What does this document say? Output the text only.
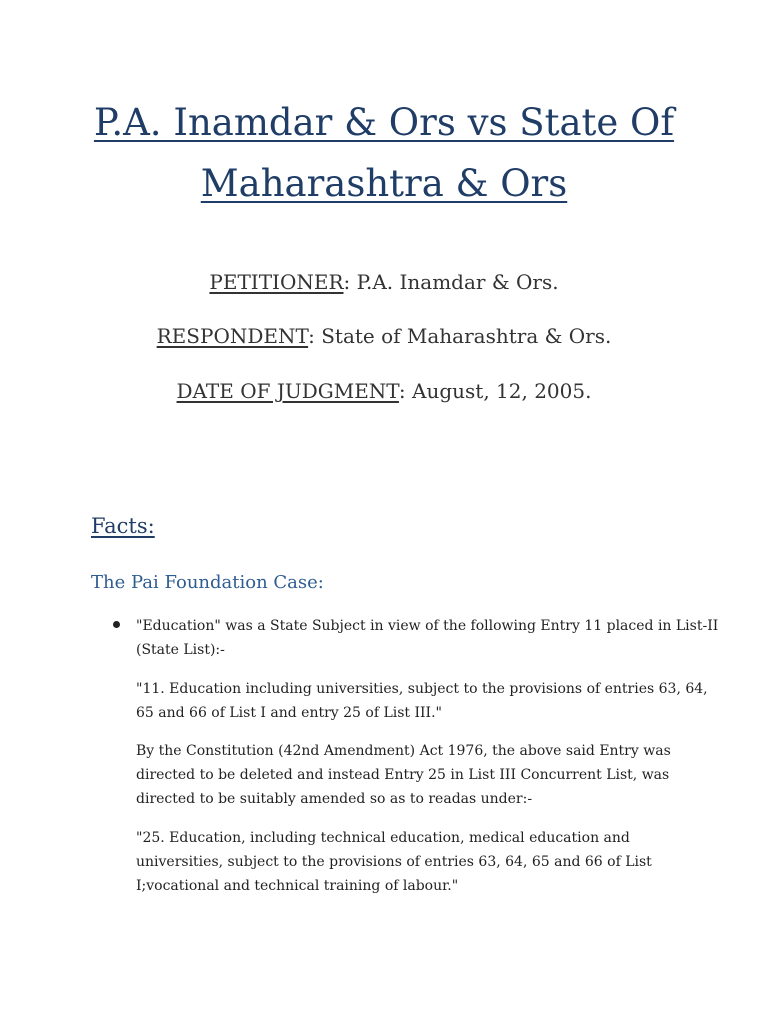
P.A. Inamdar & Ors vs State Of
Maharashtra & Ors

PETITIONER: P.A. Inamdar & Ors.

RESPONDENT: State of Maharashtra & Ors.

DATE OF JUDGMENT: August, 12, 2005.

Facts:
The Pai Foundation Case:

"Education" was a State Subject in view of the following Entry 11 placed in List-II
(State List):-

"11. Education including universities, subject to the provisions of entries 63, 64,
65 and 66 of List I and entry 25 of List III."

By the Constitution (42nd Amendment) Act 1976, the above said Entry was
directed to be deleted and instead Entry 25 in List III Concurrent List, was
directed to be suitably amended so as to readas under:-

"25. Education, including technical education, medical education and
universities, subject to the provisions of entries 63, 64, 65 and 66 of List
I;vocational and technical training of labour."
